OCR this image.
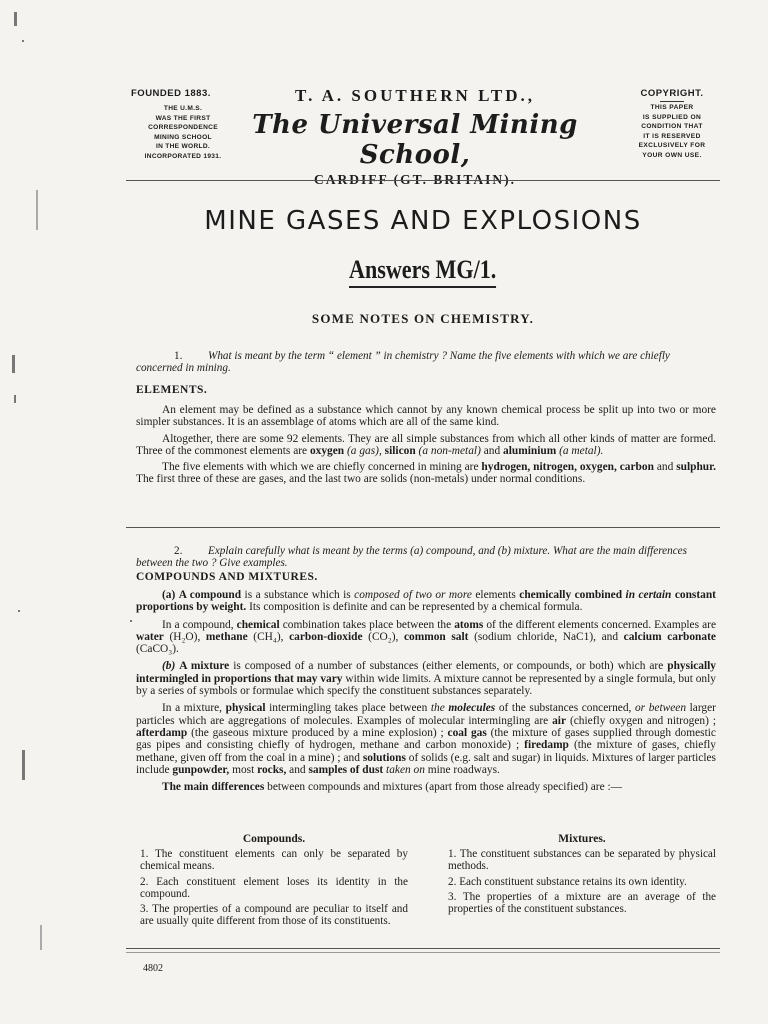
FOUNDED 1883.
THE U.M.S.
WAS THE FIRST
CORRESPONDENCE
MINING SCHOOL
IN THE WORLD.
INCORPORATED 1931.
T. A. SOUTHERN LTD.,
The Universal Mining School,
CARDIFF (GT. BRITAIN).
COPYRIGHT.
THIS PAPER
IS SUPPLIED ON
CONDITION THAT
IT IS RESERVED
EXCLUSIVELY FOR
YOUR OWN USE.
MINE GASES AND EXPLOSIONS
Answers MG/1.
SOME NOTES ON CHEMISTRY.
1. What is meant by the term “ element ” in chemistry ? Name the five elements with which we are chiefly concerned in mining.
ELEMENTS.

An element may be defined as a substance which cannot by any known chemical process be split up into two or more simpler substances. It is an assemblage of atoms which are all of the same kind.

Altogether, there are some 92 elements. They are all simple substances from which all other kinds of matter are formed. Three of the commonest elements are oxygen (a gas), silicon (a non-metal) and aluminium (a metal).

The five elements with which we are chiefly concerned in mining are hydrogen, nitrogen, oxygen, carbon and sulphur. The first three of these are gases, and the last two are solids (non-metals) under normal conditions.

2. Explain carefully what is meant by the terms (a) compound, and (b) mixture. What are the main differences between the two ? Give examples.
COMPOUNDS AND MIXTURES.

(a) A compound is a substance which is composed of two or more elements chemically combined in certain constant proportions by weight. Its composition is definite and can be represented by a chemical formula.

In a compound, chemical combination takes place between the atoms of the different elements concerned. Examples are water (H₂O), methane (CH₄), carbon-dioxide (CO₂), common salt (sodium chloride, NaC1), and calcium carbonate (CaCO₃).

(b) A mixture is composed of a number of substances (either elements, or compounds, or both) which are physically intermingled in proportions that may vary within wide limits. A mixture cannot be represented by a single formula, but only by a series of symbols or formulae which specify the constituent substances separately.

In a mixture, physical intermingling takes place between the molecules of the substances concerned, or between larger particles which are aggregations of molecules. Examples of molecular intermingling are air (chiefly oxygen and nitrogen) ; afterdamp (the gaseous mixture produced by a mine explosion) ; coal gas (the mixture of gases supplied through domestic gas pipes and consisting chiefly of hydrogen, methane and carbon monoxide) ; firedamp (the mixture of gases, chiefly methane, given off from the coal in a mine) ; and solutions of solids (e.g. salt and sugar) in liquids. Mixtures of larger particles include gunpowder, most rocks, and samples of dust taken on mine roadways.

The main differences between compounds and mixtures (apart from those already specified) are :—

Compounds.

1. The constituent elements can only be separated by chemical means.

2. Each constituent element loses its identity in the compound.

3. The properties of a compound are peculiar to itself and are usually quite different from those of its constituents.

Mixtures.

1. The constituent substances can be separated by physical methods.

2. Each constituent substance retains its own identity.

3. The properties of a mixture are an average of the properties of the constituent substances.

4802
